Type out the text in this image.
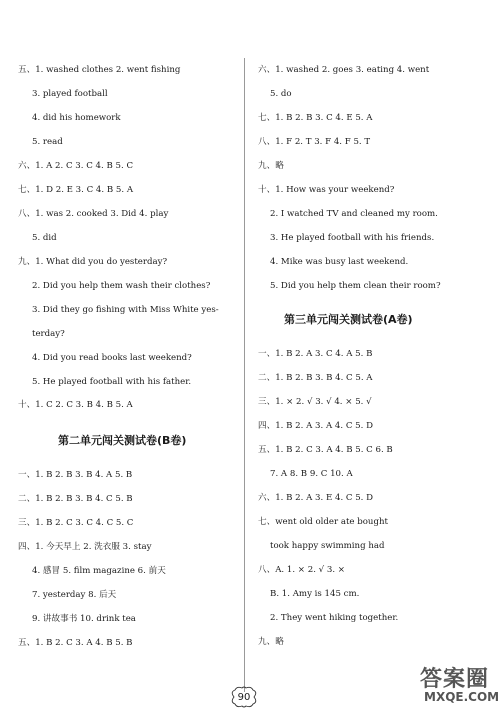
五、1. washed clothes 2. went fishing
3. played football
4. did his homework
5. read
六、1. A 2. C 3. C 4. B 5. C
七、1. D 2. E 3. C 4. B 5. A
八、1. was 2. cooked 3. Did 4. play
5. did
九、1. What did you do yesterday?
2. Did you help them wash their clothes?
3. Did they go fishing with Miss White yes-
terday?
4. Did you read books last weekend?
5. He played football with his father.
十、1. C 2. C 3. B 4. B 5. A
第二单元闯关测试卷(B卷)
一、1. B 2. B 3. B 4. A 5. B
二、1. B 2. B 3. B 4. C 5. B
三、1. B 2. C 3. C 4. C 5. C
四、1. 今天早上 2. 洗衣服 3. stay
4. 感冒 5. film magazine 6. 前天
7. yesterday 8. 后天
9. 讲故事书 10. drink tea
五、1. B 2. C 3. A 4. B 5. B
六、1. washed 2. goes 3. eating 4. went
5. do
七、1. B 2. B 3. C 4. E 5. A
八、1. F 2. T 3. F 4. F 5. T
九、略
十、1. How was your weekend?
2. I watched TV and cleaned my room.
3. He played football with his friends.
4. Mike was busy last weekend.
5. Did you help them clean their room?
第三单元闯关测试卷(A卷)
一、1. B 2. A 3. C 4. A 5. B
二、1. B 2. B 3. B 4. C 5. A
三、1. × 2. √ 3. √ 4. × 5. √
四、1. B 2. A 3. A 4. C 5. D
五、1. B 2. C 3. A 4. B 5. C 6. B
7. A 8. B 9. C 10. A
六、1. B 2. A 3. E 4. C 5. D
七、went old older ate bought
took happy swimming had
八、A. 1. × 2. √ 3. ×
B. 1. Amy is 145 cm.
2. They went hiking together.
九、略
90
答案圈
MXQE.COM
